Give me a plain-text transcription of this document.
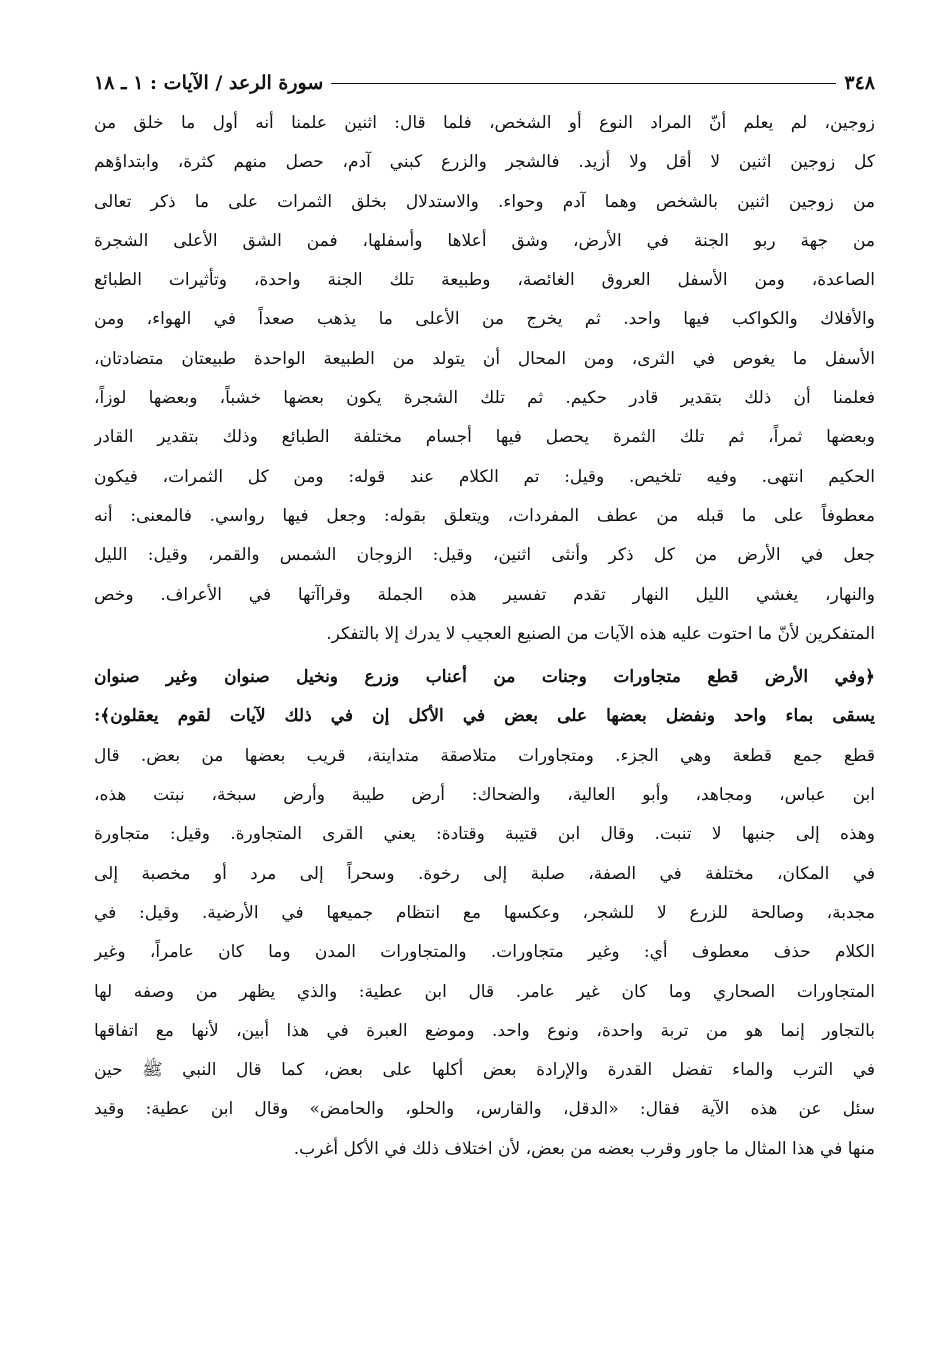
٣٤٨
سورة الرعد / الآيات : ١ ـ ١٨
زوجين، لم يعلم أنّ المراد النوع أو الشخص، فلما قال: اثنين علمنا أنه أول ما خلق من
كل زوجين اثنين لا أقل ولا أزيد. فالشجر والزرع كبني آدم، حصل منهم كثرة، وابتداؤهم
من زوجين اثنين بالشخص وهما آدم وحواء. والاستدلال بخلق الثمرات على ما ذكر تعالى
من جهة ربو الجنة في الأرض، وشق أعلاها وأسفلها، فمن الشق الأعلى الشجرة
الصاعدة، ومن الأسفل العروق الغائصة، وطبيعة تلك الجنة واحدة، وتأثيرات الطبائع
والأفلاك والكواكب فيها واحد. ثم يخرج من الأعلى ما يذهب صعداً في الهواء، ومن
الأسفل ما يغوص في الثرى، ومن المحال أن يتولد من الطبيعة الواحدة طبيعتان متضادتان،
فعلمنا أن ذلك بتقدير قادر حكيم. ثم تلك الشجرة يكون بعضها خشباً، وبعضها لوزاً،
وبعضها ثمراً، ثم تلك الثمرة يحصل فيها أجسام مختلفة الطبائع وذلك بتقدير القادر
الحكيم انتهى. وفيه تلخيص. وقيل: تم الكلام عند قوله: ومن كل الثمرات، فيكون
معطوفاً على ما قبله من عطف المفردات، ويتعلق بقوله: وجعل فيها رواسي. فالمعنى: أنه
جعل في الأرض من كل ذكر وأنثى اثنين، وقيل: الزوجان الشمس والقمر، وقيل: الليل
والنهار، يغشي الليل النهار تقدم تفسير هذه الجملة وقراآتها في الأعراف. وخص
المتفكرين لأنّ ما احتوت عليه هذه الآيات من الصنيع العجيب لا يدرك إلا بالتفكر.
﴿وفي الأرض قطع متجاورات وجنات من أعناب وزرع ونخيل صنوان وغير صنوان
يسقى بماء واحد ونفضل بعضها على بعض في الأكل إن في ذلك لآيات لقوم يعقلون﴾:
قطع جمع قطعة وهي الجزء. ومتجاورات متلاصقة متداينة، قريب بعضها من بعض. قال
ابن عباس، ومجاهد، وأبو العالية، والضحاك: أرض طيبة وأرض سبخة، نبتت هذه،
وهذه إلى جنبها لا تنبت. وقال ابن قتيبة وقتادة: يعني القرى المتجاورة. وقيل: متجاورة
في المكان، مختلفة في الصفة، صلبة إلى رخوة. وسحراً إلى مرد أو مخصبة إلى
مجدبة، وصالحة للزرع لا للشجر، وعكسها مع انتظام جميعها في الأرضية. وقيل: في
الكلام حذف معطوف أي: وغير متجاورات. والمتجاورات المدن وما كان عامراً، وغير
المتجاورات الصحاري وما كان غير عامر. قال ابن عطية: والذي يظهر من وصفه لها
بالتجاور إنما هو من تربة واحدة، ونوع واحد. وموضع العبرة في هذا أبين، لأنها مع اتفاقها
في الترب والماء تفضل القدرة والإرادة بعض أكلها على بعض، كما قال النبي ﷺ حين
سئل عن هذه الآية فقال: «الدقل، والقارس، والحلو، والحامض» وقال ابن عطية: وقيد
منها في هذا المثال ما جاور وقرب بعضه من بعض، لأن اختلاف ذلك في الأكل أغرب.
